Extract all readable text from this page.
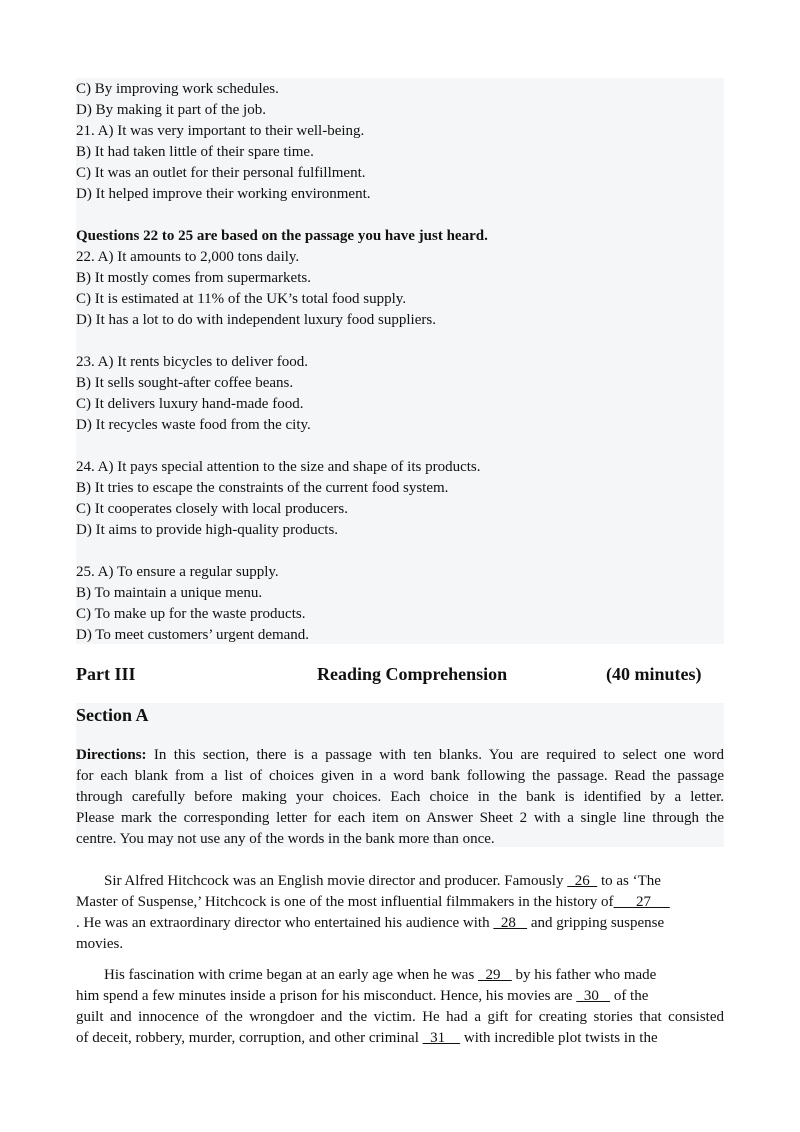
C) By improving work schedules.
D) By making it part of the job.
21. A) It was very important to their well-being.
B) It had taken little of their spare time.
C) It was an outlet for their personal fulfillment.
D) It helped improve their working environment.
Questions 22 to 25 are based on the passage you have just heard.
22. A) It amounts to 2,000 tons daily.
B) It mostly comes from supermarkets.
C) It is estimated at 11% of the UK’s total food supply.
D) It has a lot to do with independent luxury food suppliers.
23. A) It rents bicycles to deliver food.
B) It sells sought-after coffee beans.
C) It delivers luxury hand-made food.
D) It recycles waste food from the city.
24. A) It pays special attention to the size and shape of its products.
B) It tries to escape the constraints of the current food system.
C) It cooperates closely with local producers.
D) It aims to provide high-quality products.
25. A) To ensure a regular supply.
B) To maintain a unique menu.
C) To make up for the waste products.
D) To meet customers’ urgent demand.
Part III	Reading Comprehension	(40 minutes)
Section A
Directions: In this section, there is a passage with ten blanks. You are required to select one word
for each blank from a list of choices given in a word bank following the passage. Read the passage
through carefully before making your choices. Each choice in the bank is identified by a letter.
Please mark the corresponding letter for each item on Answer Sheet 2 with a single line through the
centre. You may not use any of the words in the bank more than once.
Sir Alfred Hitchcock was an English movie director and producer. Famously   26   to as ‘The
Master of Suspense,’ Hitchcock is one of the most influential filmmakers in the history of      27
. He was an extraordinary director who entertained his audience with   28    and gripping suspense
movies.
His fascination with crime began at an early age when he was   29    by his father who made
him spend a few minutes inside a prison for his misconduct. Hence, his movies are   30    of the
guilt and innocence of the wrongdoer and the victim. He had a gift for creating stories that consisted
of deceit, robbery, murder, corruption, and other criminal   31     with incredible plot twists in the
